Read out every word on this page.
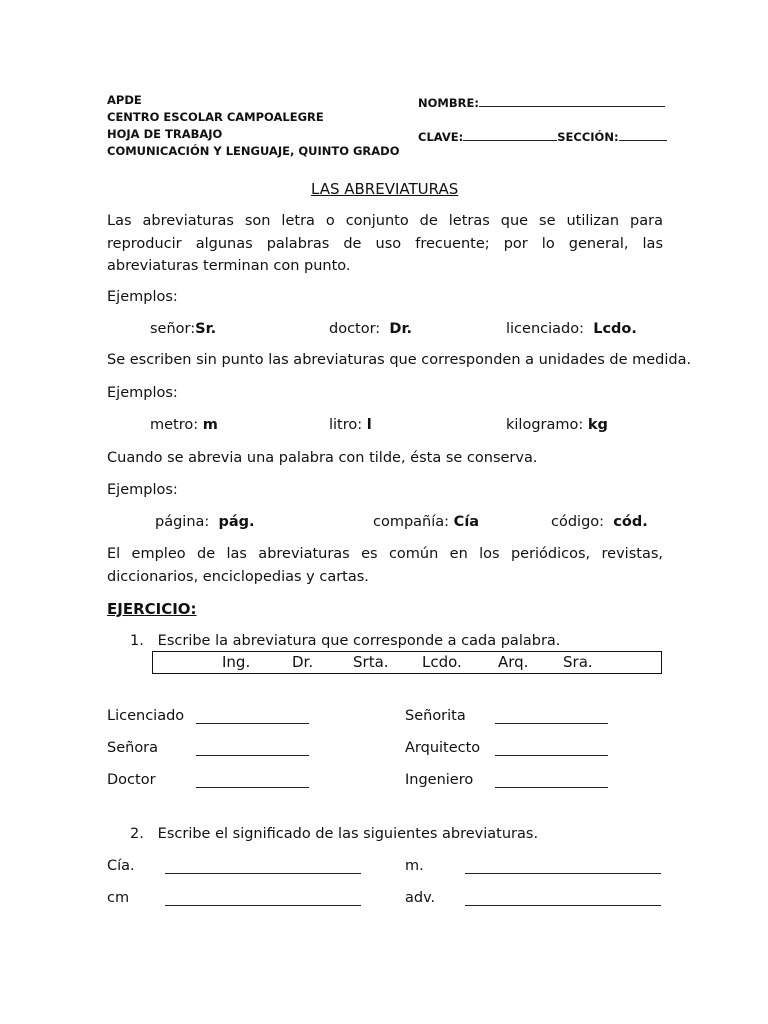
APDE
CENTRO ESCOLAR CAMPOALEGRE
HOJA DE TRABAJO
COMUNICACIÓN Y LENGUAJE, QUINTO GRADO
NOMBRE:
CLAVE:	SECCIÓN:
LAS ABREVIATURAS
Las abreviaturas son letra o conjunto de letras que se utilizan para reproducir algunas palabras de uso frecuente; por lo general, las abreviaturas terminan con punto.
Ejemplos:
señor:Sr.	doctor: Dr.	licenciado: Lcdo.
Se escriben sin punto las abreviaturas que corresponden a unidades de medida.
Ejemplos:
metro: m	litro: l	kilogramo: kg
Cuando se abrevia una palabra con tilde, ésta se conserva.
Ejemplos:
página: pág.	compañía: Cía	código: cód.
El empleo de las abreviaturas es común en los periódicos, revistas, diccionarios, enciclopedias y cartas.
EJERCICIO:
1. Escribe la abreviatura que corresponde a cada palabra.
Ing.	Dr.	Srta. Lcdo. Arq. Sra.
Licenciado	Señorita
Señora	Arquitecto
Doctor	Ingeniero
2. Escribe el significado de las siguientes abreviaturas.
Cía.	m.
cm	adv.
